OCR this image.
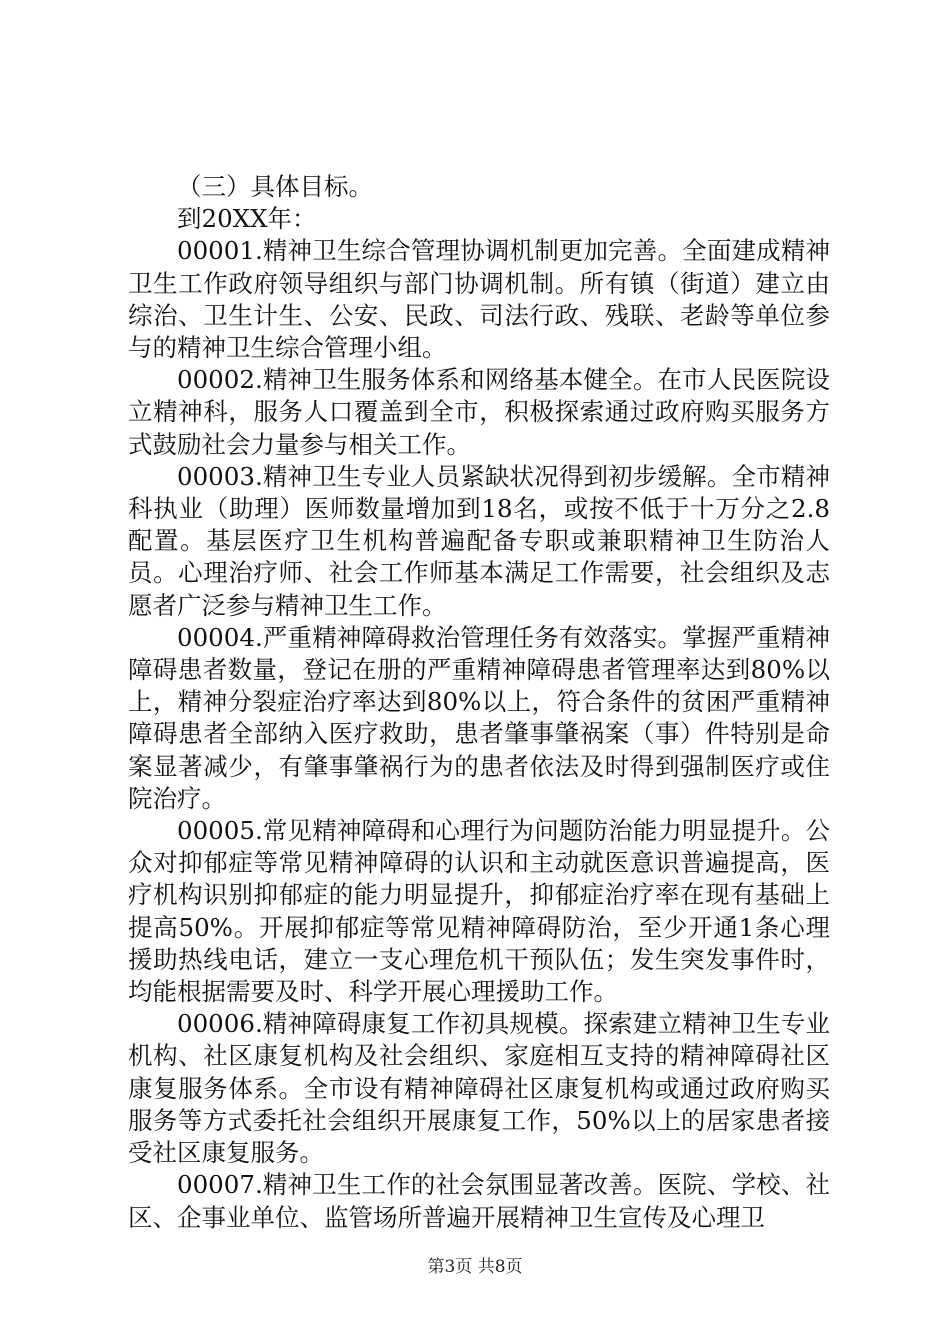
（三）具体目标。

到20XX年：

00001.精神卫生综合管理协调机制更加完善。全面建成精神卫生工作政府领导组织与部门协调机制。所有镇（街道）建立由综治、卫生计生、公安、民政、司法行政、残联、老龄等单位参与的精神卫生综合管理小组。

00002.精神卫生服务体系和网络基本健全。在市人民医院设立精神科，服务人口覆盖到全市，积极探索通过政府购买服务方式鼓励社会力量参与相关工作。

00003.精神卫生专业人员紧缺状况得到初步缓解。全市精神科执业（助理）医师数量增加到18名，或按不低于十万分之2.8配置。基层医疗卫生机构普遍配备专职或兼职精神卫生防治人员。心理治疗师、社会工作师基本满足工作需要，社会组织及志愿者广泛参与精神卫生工作。

00004.严重精神障碍救治管理任务有效落实。掌握严重精神障碍患者数量，登记在册的严重精神障碍患者管理率达到80%以上，精神分裂症治疗率达到80%以上，符合条件的贫困严重精神障碍患者全部纳入医疗救助，患者肇事肇祸案（事）件特别是命案显著减少，有肇事肇祸行为的患者依法及时得到强制医疗或住院治疗。

00005.常见精神障碍和心理行为问题防治能力明显提升。公众对抑郁症等常见精神障碍的认识和主动就医意识普遍提高，医疗机构识别抑郁症的能力明显提升，抑郁症治疗率在现有基础上提高50%。开展抑郁症等常见精神障碍防治，至少开通1条心理援助热线电话，建立一支心理危机干预队伍；发生突发事件时，均能根据需要及时、科学开展心理援助工作。

00006.精神障碍康复工作初具规模。探索建立精神卫生专业机构、社区康复机构及社会组织、家庭相互支持的精神障碍社区康复服务体系。全市设有精神障碍社区康复机构或通过政府购买服务等方式委托社会组织开展康复工作，50%以上的居家患者接受社区康复服务。

00007.精神卫生工作的社会氛围显著改善。医院、学校、社区、企事业单位、监管场所普遍开展精神卫生宣传及心理卫

第3页 共8页
